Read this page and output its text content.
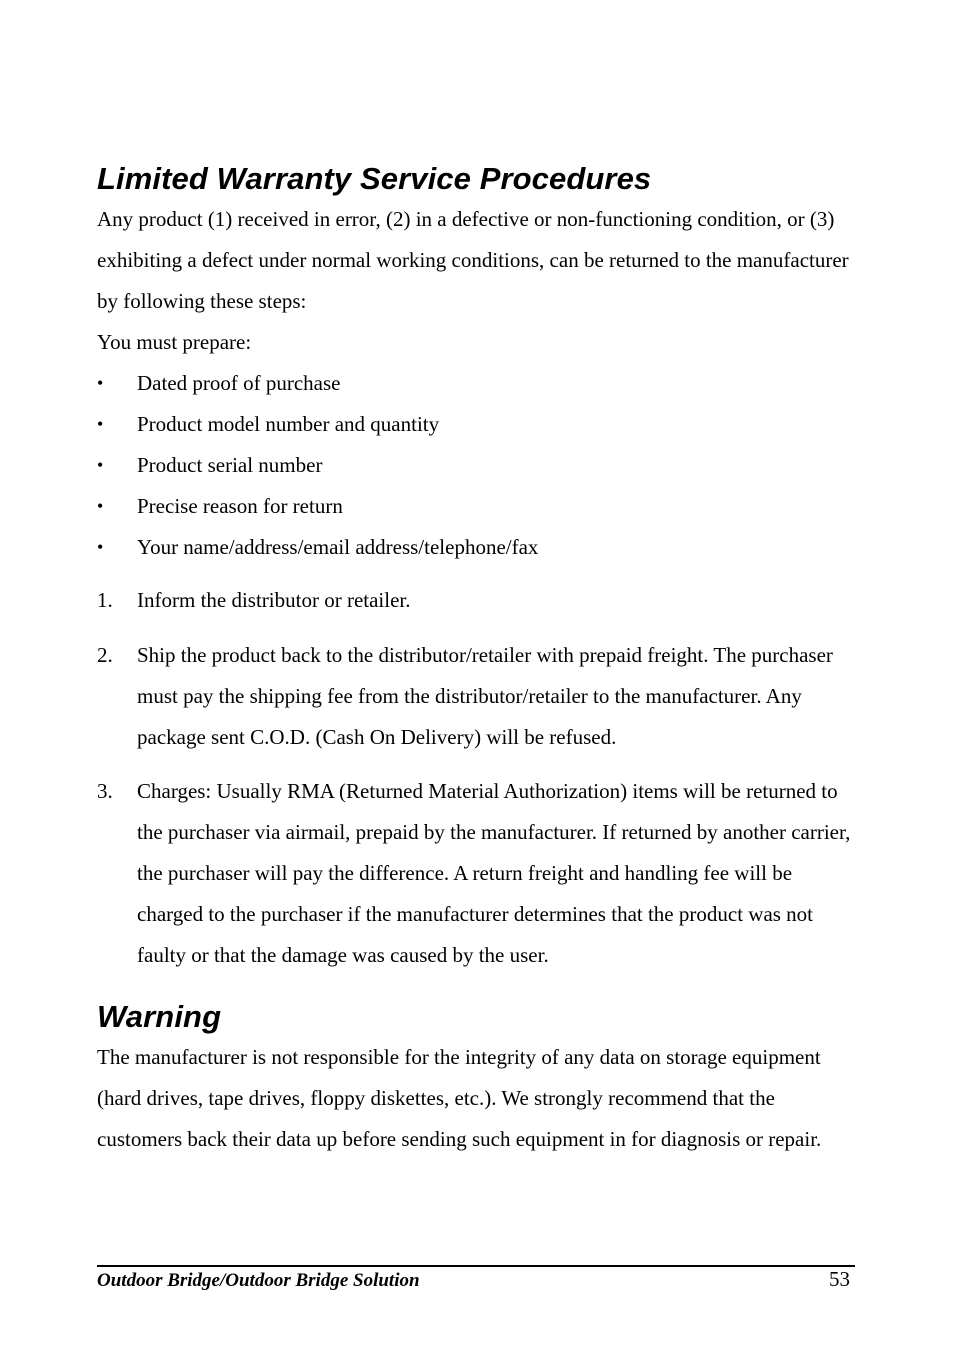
Limited Warranty Service Procedures

Any product (1) received in error, (2) in a defective or non-functioning condition, or (3) exhibiting a defect under normal working conditions, can be returned to the manufacturer by following these steps:

You must prepare:

•	Dated proof of purchase
•	Product model number and quantity
•	Product serial number
•	Precise reason for return
•	Your name/address/email address/telephone/fax
1. Inform the distributor or retailer.
2. Ship the product back to the distributor/retailer with prepaid freight. The purchaser must pay the shipping fee from the distributor/retailer to the manufacturer. Any package sent C.O.D. (Cash On Delivery) will be refused.
3. Charges: Usually RMA (Returned Material Authorization) items will be returned to the purchaser via airmail, prepaid by the manufacturer. If returned by another carrier, the purchaser will pay the difference. A return freight and handling fee will be charged to the purchaser if the manufacturer determines that the product was not faulty or that the damage was caused by the user.
Warning

The manufacturer is not responsible for the integrity of any data on storage equipment (hard drives, tape drives, floppy diskettes, etc.). We strongly recommend that the customers back their data up before sending such equipment in for diagnosis or repair.

Outdoor Bridge/Outdoor Bridge Solution	53
